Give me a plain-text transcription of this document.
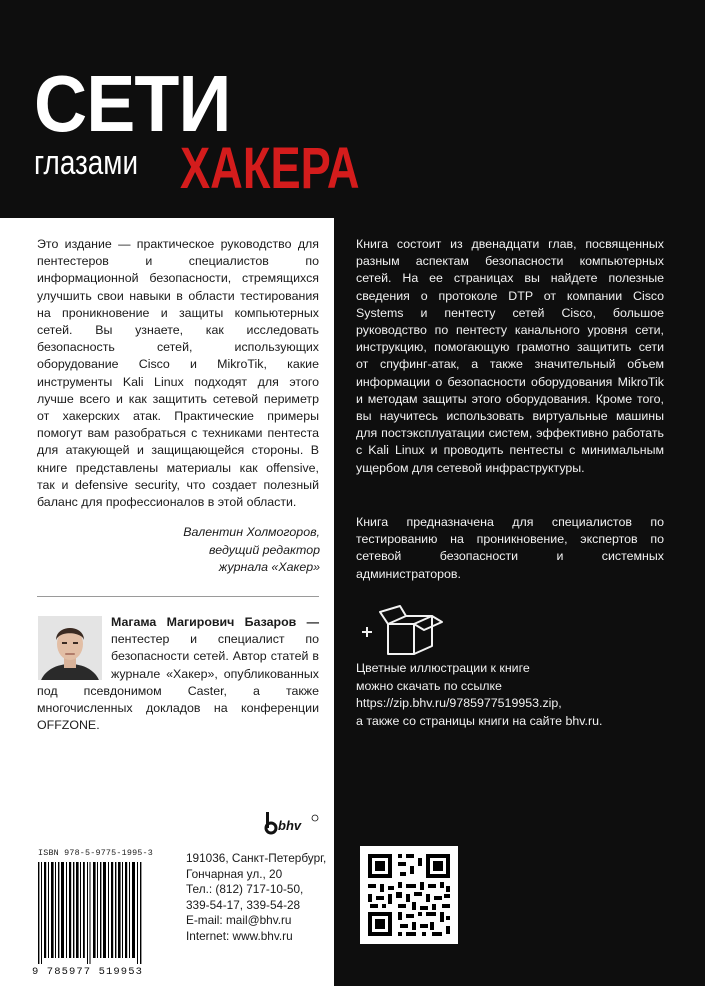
СЕТИ
глазами ХАКЕРА

Это издание — практическое руководство для пентестеров и специалистов по информационной безопасности, стремящихся улучшить свои навыки в области тестирования на проникновение и защиты компьютерных сетей. Вы узнаете, как исследовать безопасность сетей, использующих оборудование Cisco и MikroTik, какие инструменты Kali Linux подходят для этого лучше всего и как защитить сетевой периметр от хакерских атак. Практические примеры помогут вам разобраться с техниками пентеста для атакующей и защищающейся стороны. В книге представлены материалы как offensive, так и defensive security, что создает полезный баланс для профессионалов в этой области.

Валентин Холмогоров,
ведущий редактор
журнала «Хакер»
Магама Магирович Базаров — пентестер и специалист по безопасности сетей. Автор статей в журнале «Хакер», опубликованных под псевдонимом Caster, а также многочисленных докладов на конференции OFFZONE.
bhv
ISBN 978-5-9775-1995-3
9 785977 519953
191036, Санкт-Петербург,
Гончарная ул., 20
Тел.: (812) 717-10-50,
339-54-17, 339-54-28
E-mail: mail@bhv.ru
Internet: www.bhv.ru

Книга состоит из двенадцати глав, посвященных разным аспектам безопасности компьютерных сетей. На ее страницах вы найдете полезные сведения о протоколе DTP от компании Cisco Systems и пентесту сетей Cisco, большое руководство по пентесту канального уровня сети, инструкцию, помогающую грамотно защитить сети от спуфинг-атак, а также значительный объем информации о безопасности оборудования MikroTik и методам защиты этого оборудования. Кроме того, вы научитесь использовать виртуальные машины для постэксплуатации систем, эффективно работать с Kali Linux и проводить пентесты с минимальным ущербом для сетевой инфраструктуры.

Книга предназначена для специалистов по тестированию на проникновение, экспертов по сетевой безопасности и системных администраторов.

Цветные иллюстрации к книге
можно скачать по ссылке
https://zip.bhv.ru/9785977519953.zip,
а также со страницы книги на сайте bhv.ru.
